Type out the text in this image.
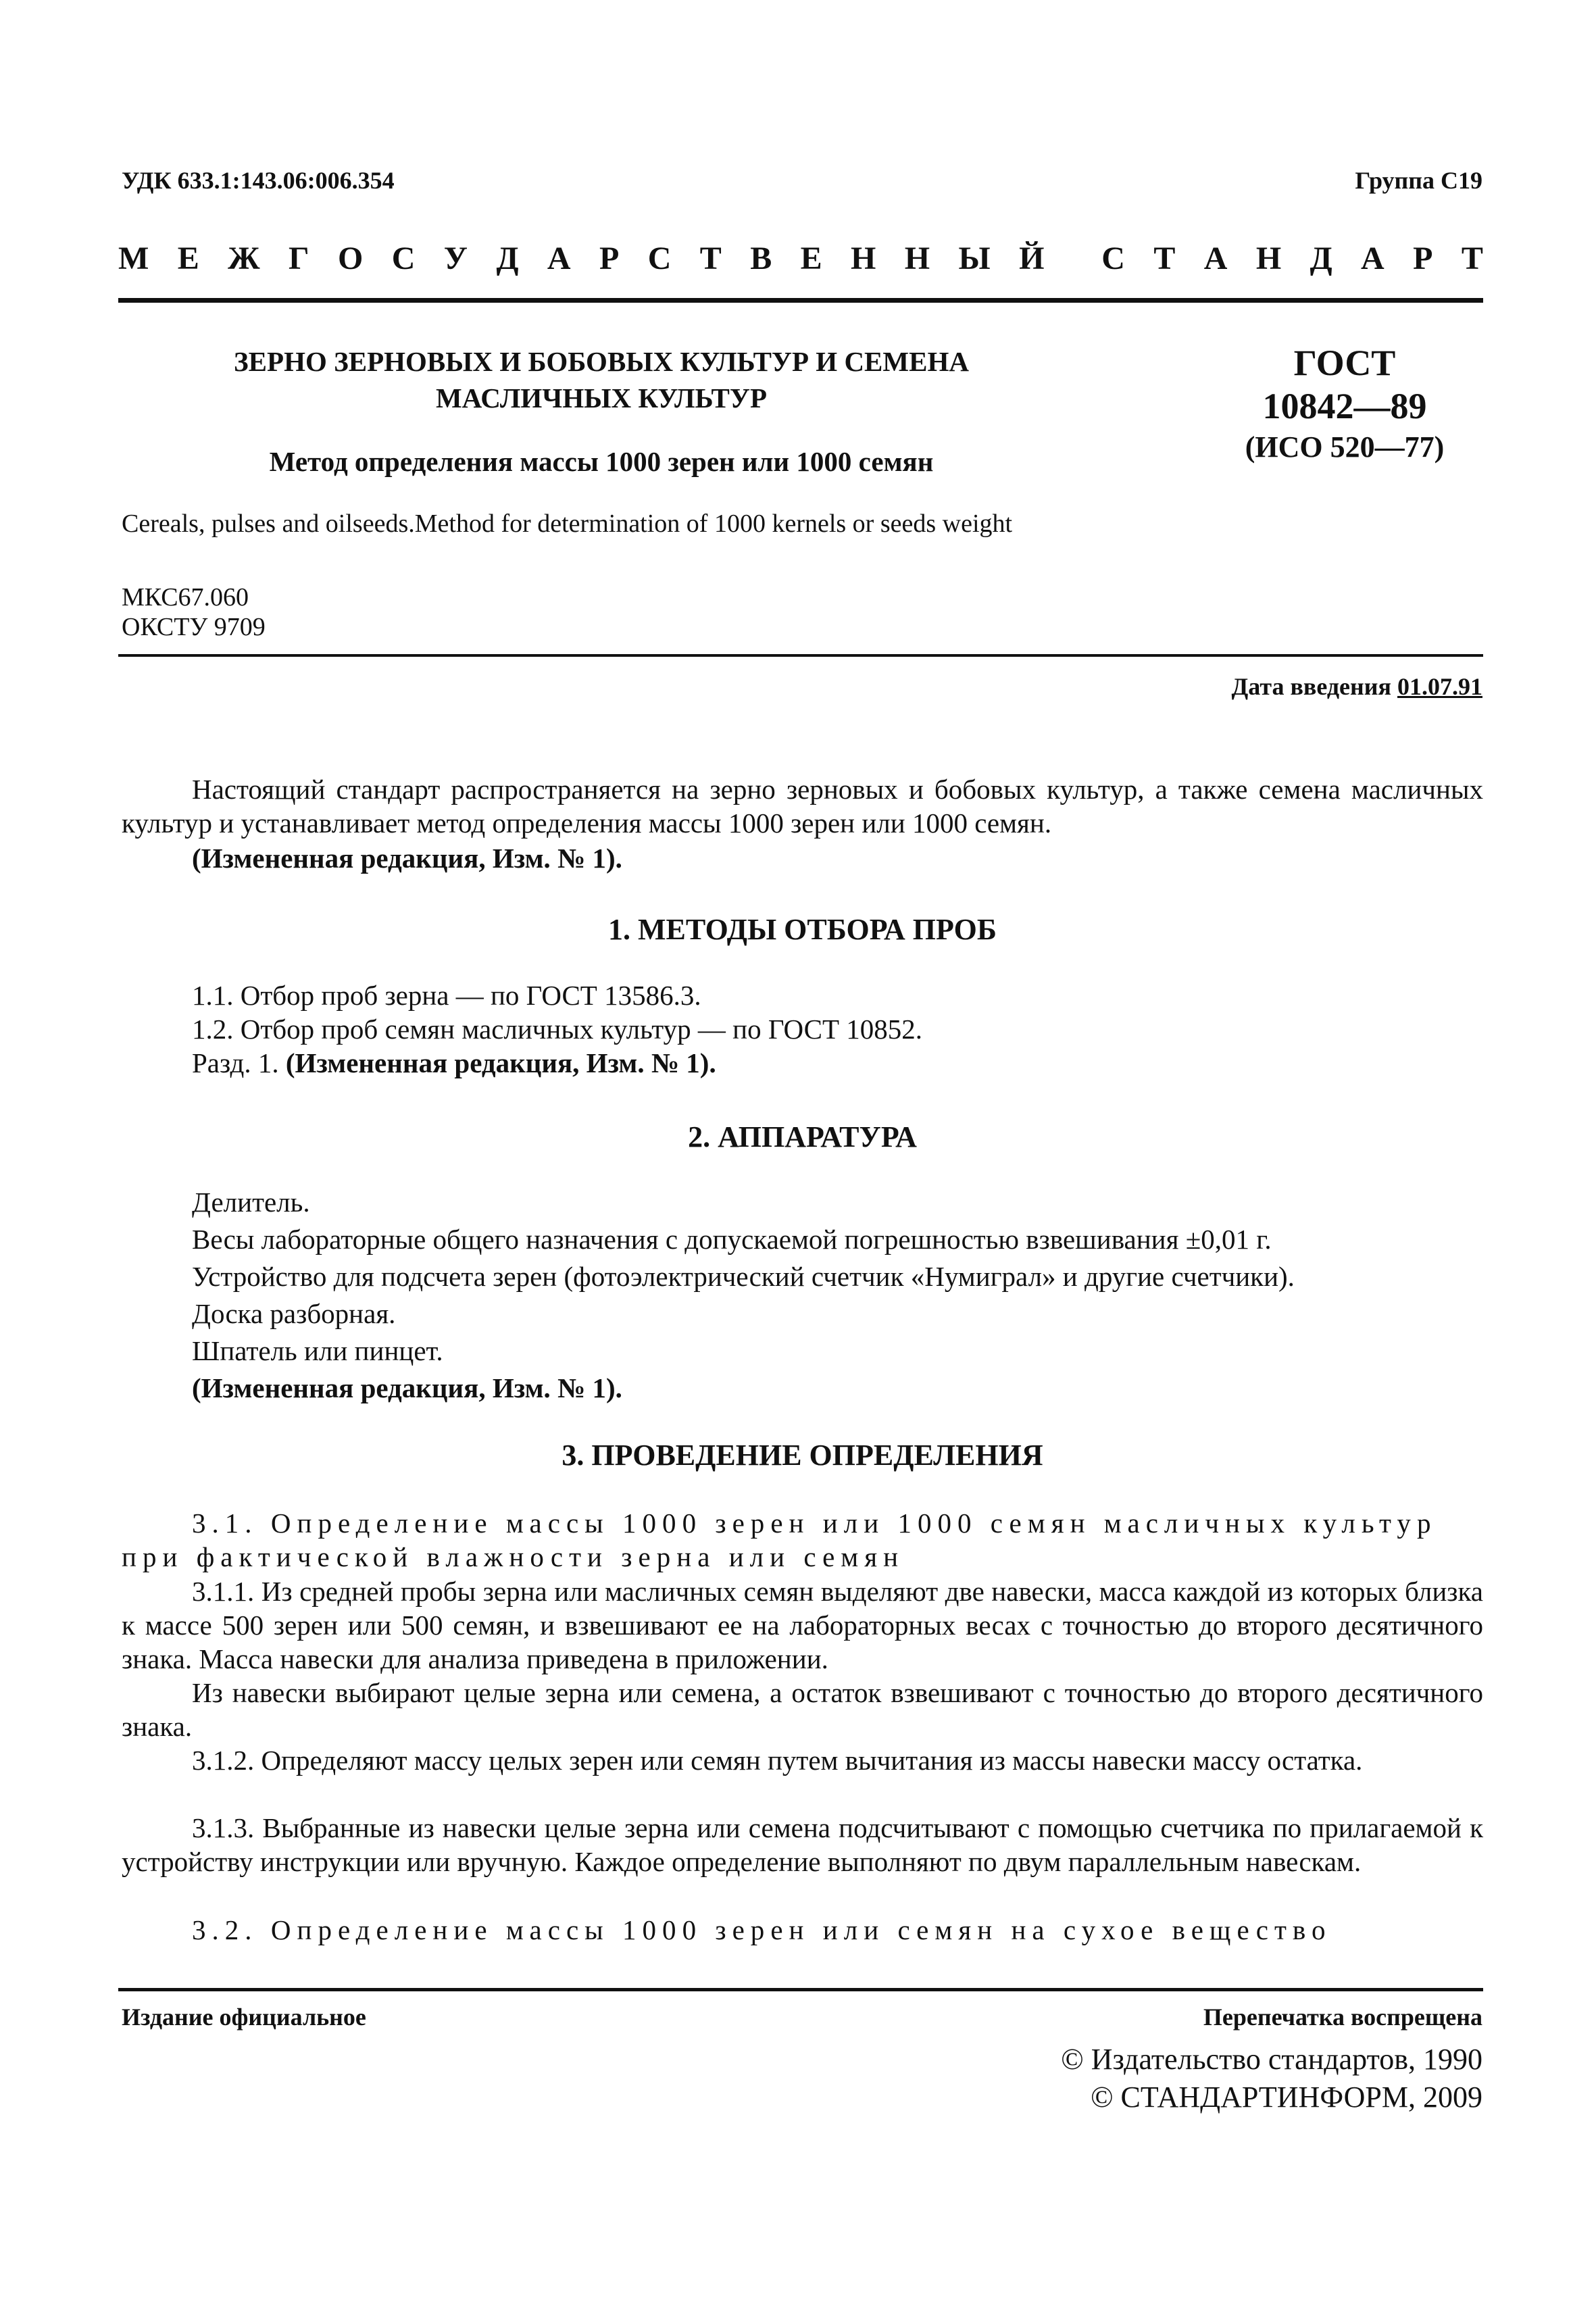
УДК 633.1:143.06:006.354	Группа С19
М Е Ж Г О С У Д А Р С Т В Е Н Н Ы Й С Т А Н Д А Р Т
ЗЕРНО ЗЕРНОВЫХ И БОБОВЫХ КУЛЬТУР И СЕМЕНА
МАСЛИЧНЫХ КУЛЬТУР
Метод определения массы 1000 зерен или 1000 семян
ГОСТ
10842—89
(ИСО 520—77)
Cereals, pulses and oilseeds.Method for determination of 1000 kernels or seeds weight
МКС67.060
ОКСТУ 9709
Дата введения 01.07.91
Настоящий стандарт распространяется на зерно зерновых и бобовых культур, а также семена масличных культур и устанавливает метод определения массы 1000 зерен или 1000 семян.
(Измененная редакция, Изм. № 1).
1. МЕТОДЫ ОТБОРА ПРОБ
1.1. Отбор проб зерна — по ГОСТ 13586.3.
1.2. Отбор проб семян масличных культур — по ГОСТ 10852.
Разд. 1. (Измененная редакция, Изм. № 1).
2. АППАРАТУРА
Делитель.
Весы лабораторные общего назначения с допускаемой погрешностью взвешивания ±0,01 г.
Устройство для подсчета зерен (фотоэлектрический счетчик «Нумиграл» и другие счетчики).
Доска разборная.
Шпатель или пинцет.
(Измененная редакция, Изм. № 1).
3. ПРОВЕДЕНИЕ ОПРЕДЕЛЕНИЯ
3.1. Определение массы 1000 зерен или 1000 семян масличных культур
при фактической влажности зерна или семян
3.1.1. Из средней пробы зерна или масличных семян выделяют две навески, масса каждой из которых близка к массе 500 зерен или 500 семян, и взвешивают ее на лабораторных весах с точностью до второго десятичного знака. Масса навески для анализа приведена в приложении.
Из навески выбирают целые зерна или семена, а остаток взвешивают с точностью до второго десятичного знака.
3.1.2. Определяют массу целых зерен или семян путем вычитания из массы навески массу остатка.
3.1.3. Выбранные из навески целые зерна или семена подсчитывают с помощью счетчика по прилагаемой к устройству инструкции или вручную. Каждое определение выполняют по двум параллельным навескам.
3.2. Определение массы 1000 зерен или семян на сухое вещество
Издание официальное	Перепечатка воспрещена
© Издательство стандартов, 1990
© СТАНДАРТИНФОРМ, 2009
